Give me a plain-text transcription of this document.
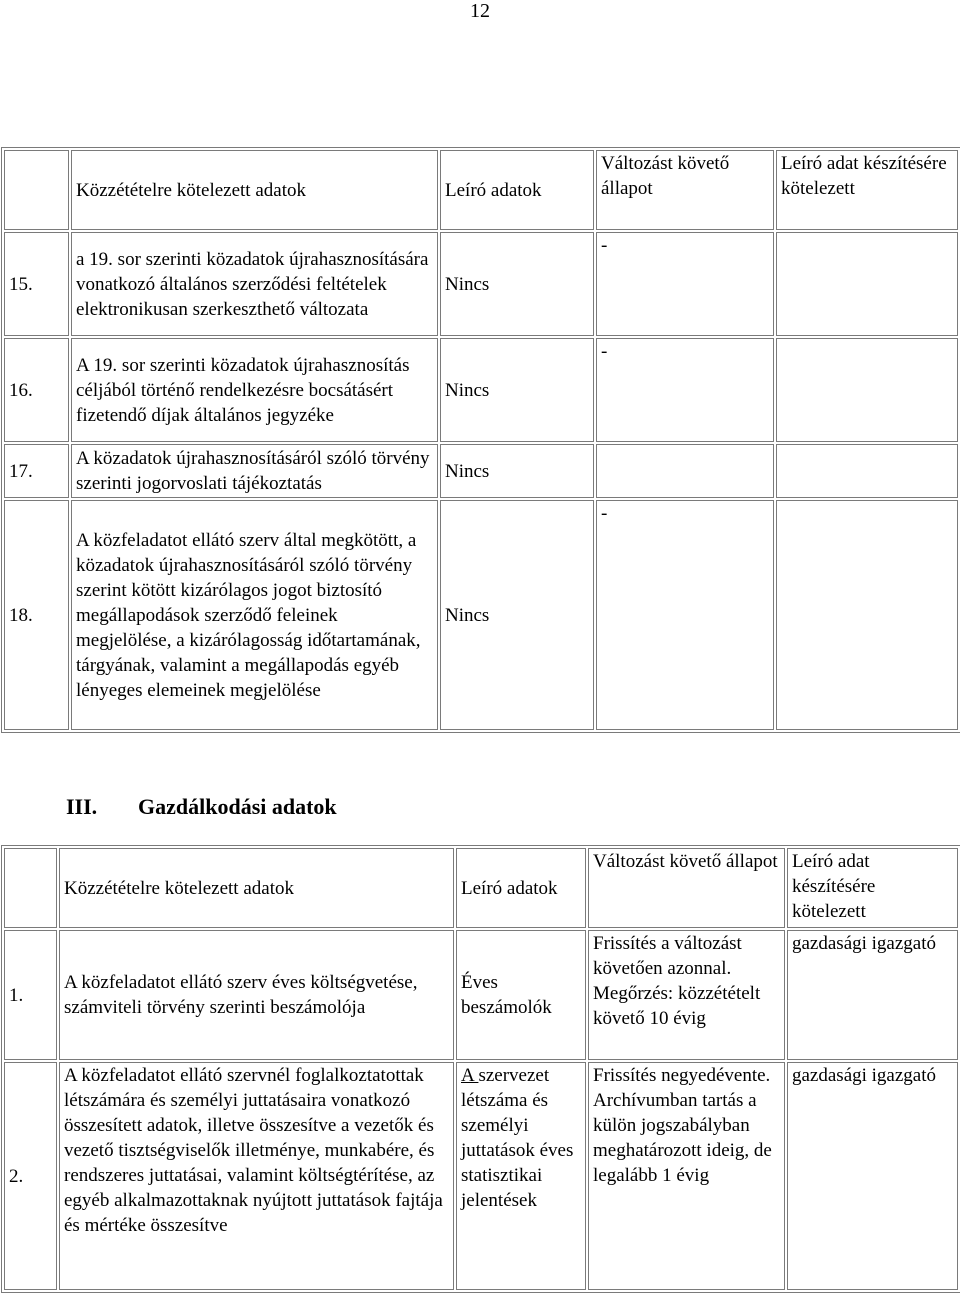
12
	Közzétételre kötelezett adatok	Leíró adatok	Változást követő állapot	Leíró adat készítésére kötelezett
15.	a 19. sor szerinti közadatok újrahasznosítására vonatkozó általános szerződési feltételek elektronikusan szerkeszthető változata	Nincs	-	
16.	A 19. sor szerinti közadatok újrahasznosítás céljából történő rendelkezésre bocsátásért fizetendő díjak általános jegyzéke	Nincs	-	
17.	A közadatok újrahasznosításáról szóló törvény szerinti jogorvoslati tájékoztatás	Nincs		
18.	A közfeladatot ellátó szerv által megkötött, a közadatok újrahasznosításáról szóló törvény szerint kötött kizárólagos jogot biztosító megállapodások szerződő feleinek megjelölése, a kizárólagosság időtartamának, tárgyának, valamint a megállapodás egyéb lényeges elemeinek megjelölése	Nincs	-	
III. Gazdálkodási adatok
	Közzétételre kötelezett adatok	Leíró adatok	Változást követő állapot	Leíró adat készítésére kötelezett
1.	A közfeladatot ellátó szerv éves költségvetése, számviteli törvény szerinti beszámolója	Éves beszámolók	Frissítés a változást követően azonnal. Megőrzés: közzétételt követő 10 évig	gazdasági igazgató
2.	A közfeladatot ellátó szervnél foglalkoztatottak létszámára és személyi juttatásaira vonatkozó összesített adatok, illetve összesítve a vezetők és vezető tisztségviselők illetménye, munkabére, és rendszeres juttatásai, valamint költségtérítése, az egyéb alkalmazottaknak nyújtott juttatások fajtája és mértéke összesítve	A szervezet létszáma és személyi juttatások éves statisztikai jelentések	Frissítés negyedévente. Archívumban tartás a külön jogszabályban meghatározott ideig, de legalább 1 évig	gazdasági igazgató
